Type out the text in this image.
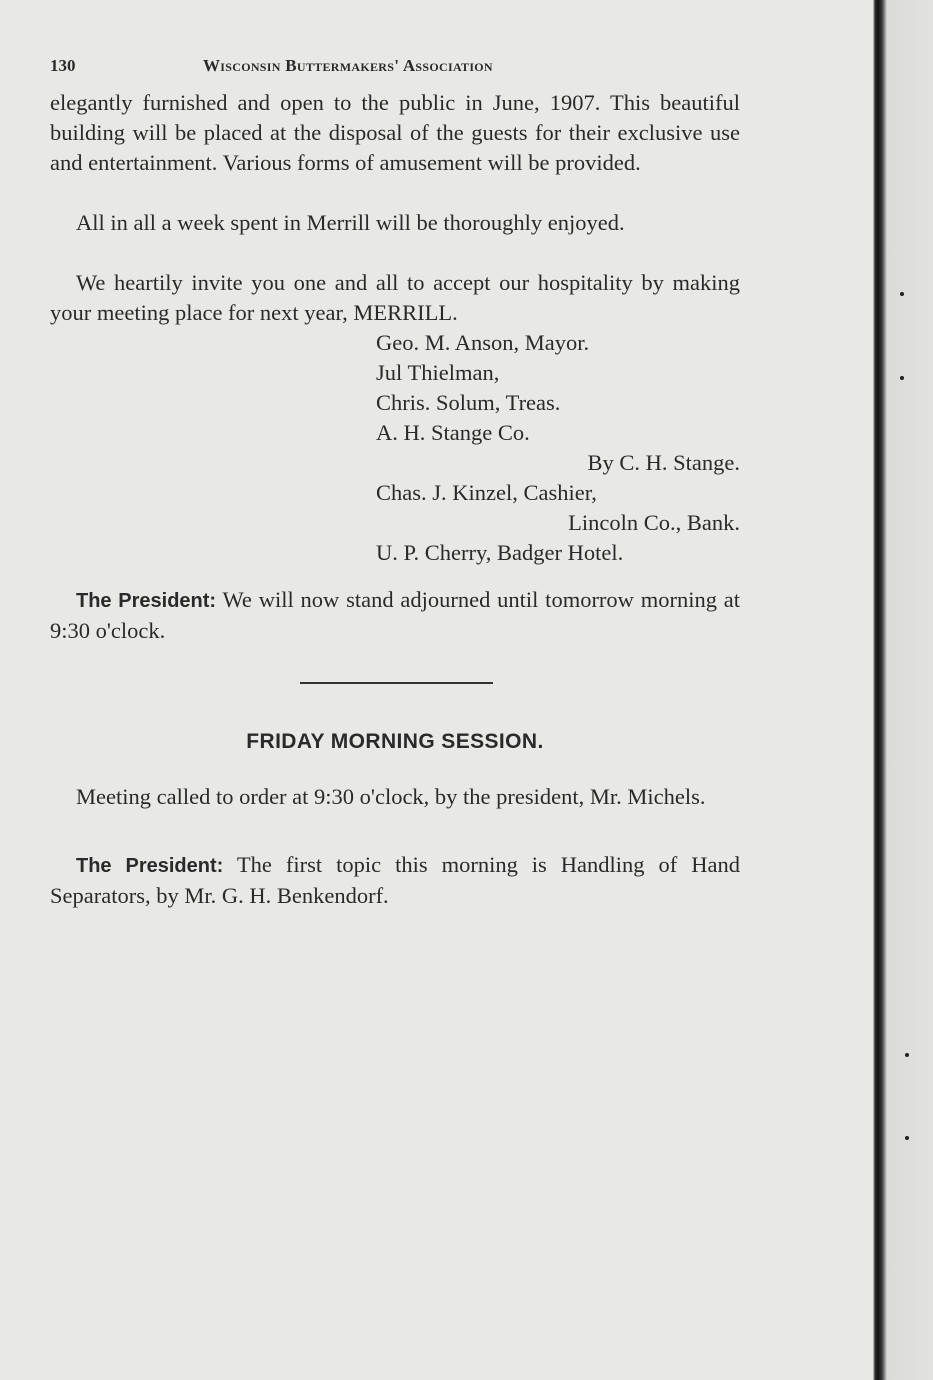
130	Wisconsin Buttermakers' Association

elegantly furnished and open to the public in June, 1907. This beautiful building will be placed at the disposal of the guests for their exclusive use and entertainment. Various forms of amusement will be provided.

All in all a week spent in Merrill will be thoroughly enjoyed.

We heartily invite you one and all to accept our hospitality by making your meeting place for next year, MERRILL.

Geo. M. Anson, Mayor.
Jul Thielman,
Chris. Solum, Treas.
A. H. Stange Co.
By C. H. Stange.
Chas. J. Kinzel, Cashier,
Lincoln Co., Bank.
U. P. Cherry, Badger Hotel.

The President: We will now stand adjourned until tomorrow morning at 9:30 o'clock.

FRIDAY MORNING SESSION.

Meeting called to order at 9:30 o'clock, by the president, Mr. Michels.

The President: The first topic this morning is Handling of Hand Separators, by Mr. G. H. Benkendorf.
